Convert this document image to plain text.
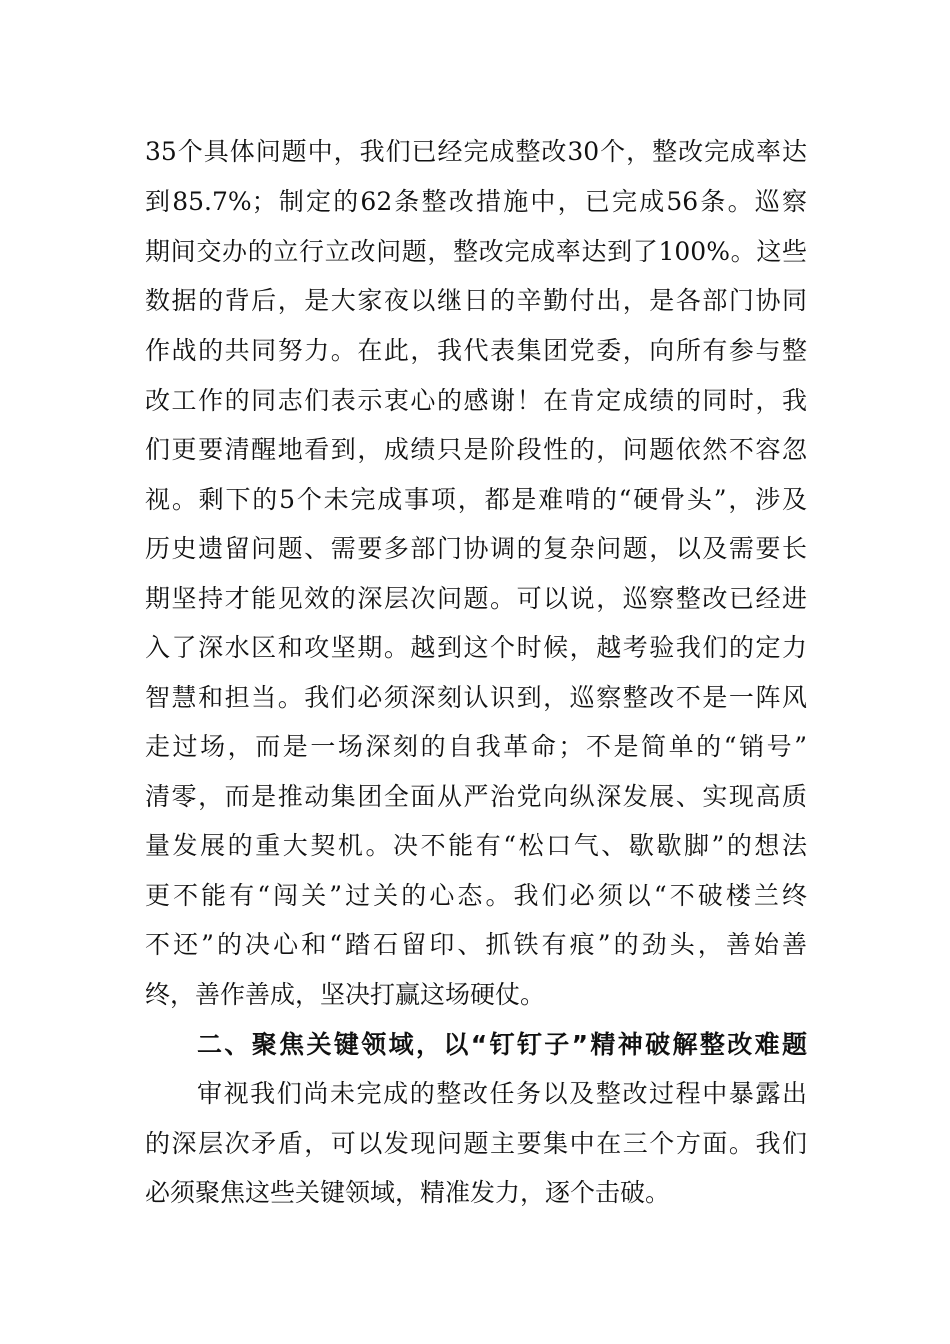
35个具体问题中，我们已经完成整改30个，整改完成率达
到85.7%；制定的62条整改措施中，已完成56条。巡察
期间交办的立行立改问题，整改完成率达到了100%。这些
数据的背后，是大家夜以继日的辛勤付出，是各部门协同
作战的共同努力。在此，我代表集团党委，向所有参与整
改工作的同志们表示衷心的感谢！在肯定成绩的同时，我
们更要清醒地看到，成绩只是阶段性的，问题依然不容忽
视。剩下的5个未完成事项，都是难啃的“硬骨头”，涉及
历史遗留问题、需要多部门协调的复杂问题，以及需要长
期坚持才能见效的深层次问题。可以说，巡察整改已经进
入了深水区和攻坚期。越到这个时候，越考验我们的定力
智慧和担当。我们必须深刻认识到，巡察整改不是一阵风
走过场，而是一场深刻的自我革命；不是简单的“销号”
清零，而是推动集团全面从严治党向纵深发展、实现高质
量发展的重大契机。决不能有“松口气、歇歇脚”的想法
更不能有“闯关”过关的心态。我们必须以“不破楼兰终
不还”的决心和“踏石留印、抓铁有痕”的劲头，善始善
终，善作善成，坚决打赢这场硬仗。
二、聚焦关键领域，以“钉钉子”精神破解整改难题
审视我们尚未完成的整改任务以及整改过程中暴露出
的深层次矛盾，可以发现问题主要集中在三个方面。我们
必须聚焦这些关键领域，精准发力，逐个击破。
